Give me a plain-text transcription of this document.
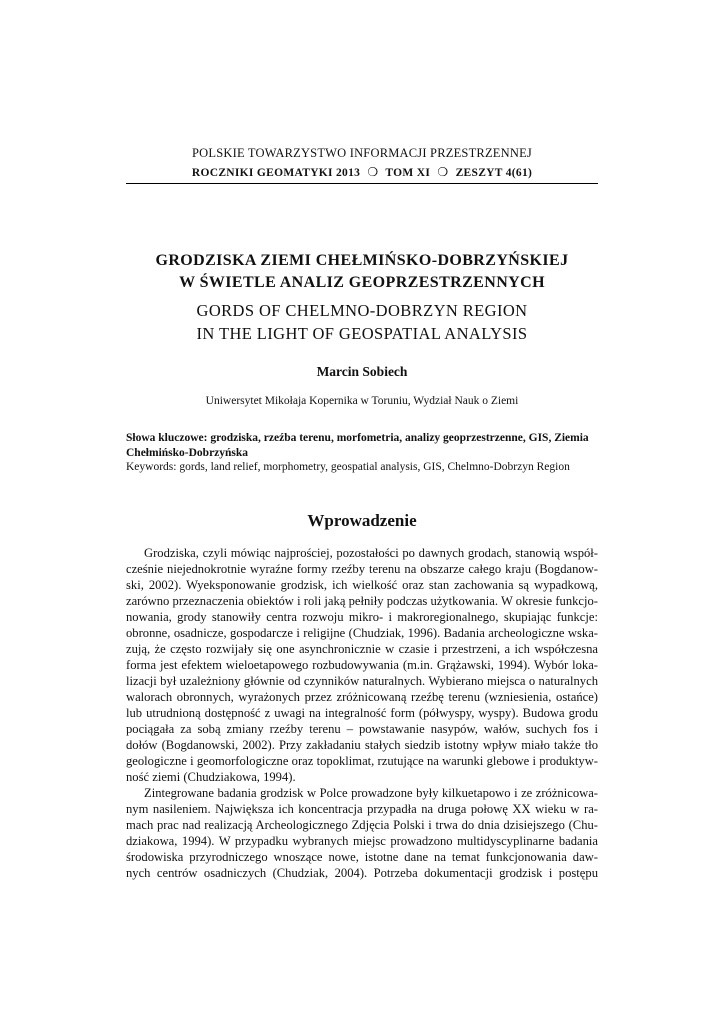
POLSKIE TOWARZYSTWO INFORMACJI PRZESTRZENNEJ
ROCZNIKI GEOMATYKI 2013 ❍ TOM XI ❍ ZESZYT 4(61)
GRODZISKA ZIEMI CHEŁMIŃSKO-DOBRZYŃSKIEJ
W ŚWIETLE ANALIZ GEOPRZESTRZENNYCH
GORDS OF CHELMNO-DOBRZYN REGION
IN THE LIGHT OF GEOSPATIAL ANALYSIS
Marcin Sobiech
Uniwersytet Mikołaja Kopernika w Toruniu, Wydział Nauk o Ziemi
Słowa kluczowe: grodziska, rzeźba terenu, morfometria, analizy geoprzestrzenne, GIS, Ziemia Chełmińsko-Dobrzyńska
Keywords: gords, land relief, morphometry, geospatial analysis, GIS, Chelmno-Dobrzyn Region
Wprowadzenie

Grodziska, czyli mówiąc najprościej, pozostałości po dawnych grodach, stanowią współ-
cześnie niejednokrotnie wyraźne formy rzeźby terenu na obszarze całego kraju (Bogdanow-
ski, 2002). Wyeksponowanie grodzisk, ich wielkość oraz stan zachowania są wypadkową,
zarówno przeznaczenia obiektów i roli jaką pełniły podczas użytkowania. W okresie funkcjo-
nowania, grody stanowiły centra rozwoju mikro- i makroregionalnego, skupiając funkcje:
obronne, osadnicze, gospodarcze i religijne (Chudziak, 1996). Badania archeologiczne wska-
zują, że często rozwijały się one asynchronicznie w czasie i przestrzeni, a ich współczesna
forma jest efektem wieloetapowego rozbudowywania (m.in. Grążawski, 1994). Wybór loka-
lizacji był uzależniony głównie od czynników naturalnych. Wybierano miejsca o naturalnych
walorach obronnych, wyrażonych przez zróżnicowaną rzeźbę terenu (wzniesienia, ostańce)
lub utrudnioną dostępność z uwagi na integralność form (półwyspy, wyspy). Budowa grodu
pociągała za sobą zmiany rzeźby terenu – powstawanie nasypów, wałów, suchych fos i
dołów (Bogdanowski, 2002). Przy zakładaniu stałych siedzib istotny wpływ miało także tło
geologiczne i geomorfologiczne oraz topoklimat, rzutujące na warunki glebowe i produktyw-
ność ziemi (Chudziakowa, 1994).

Zintegrowane badania grodzisk w Polce prowadzone były kilkuetapowo i ze zróżnicowa-
nym nasileniem. Największa ich koncentracja przypadła na druga połowę XX wieku w ra-
mach prac nad realizacją Archeologicznego Zdjęcia Polski i trwa do dnia dzisiejszego (Chu-
dziakowa, 1994). W przypadku wybranych miejsc prowadzono multidyscyplinarne badania
środowiska przyrodniczego wnoszące nowe, istotne dane na temat funkcjonowania daw-
nych centrów osadniczych (Chudziak, 2004). Potrzeba dokumentacji grodzisk i postępu
